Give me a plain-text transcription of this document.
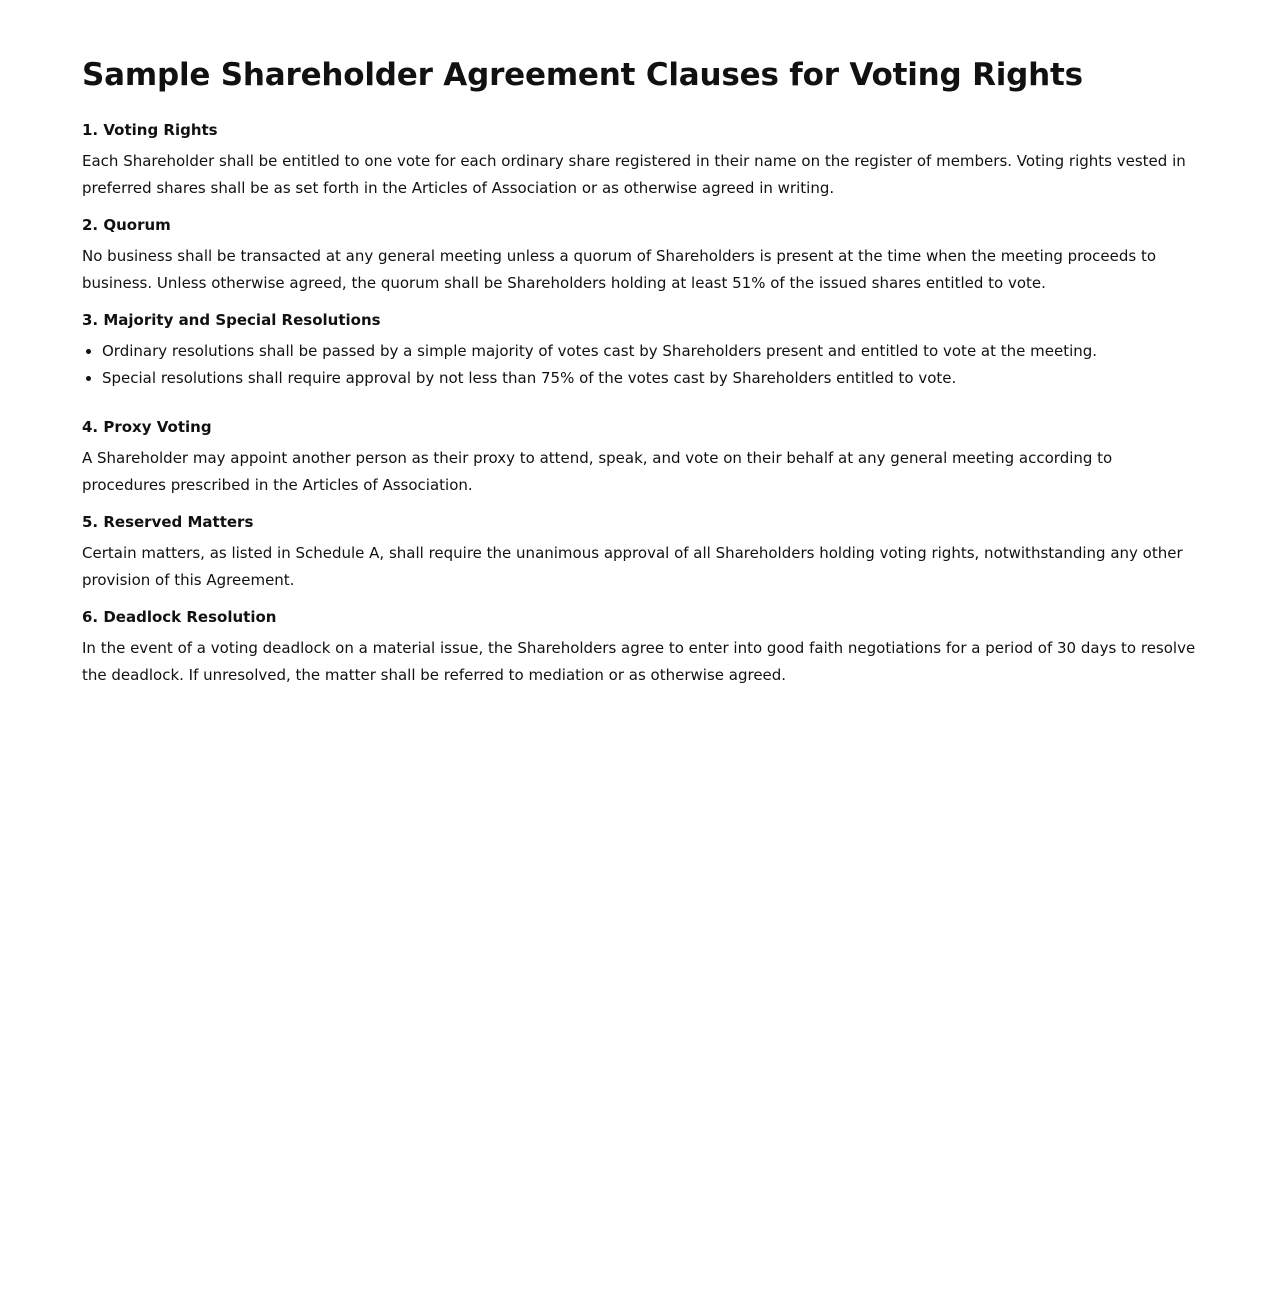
Sample Shareholder Agreement Clauses for Voting Rights
1. Voting Rights

Each Shareholder shall be entitled to one vote for each ordinary share registered in their name on the register of members. Voting rights vested in preferred shares shall be as set forth in the Articles of Association or as otherwise agreed in writing.

2. Quorum

No business shall be transacted at any general meeting unless a quorum of Shareholders is present at the time when the meeting proceeds to business. Unless otherwise agreed, the quorum shall be Shareholders holding at least 51% of the issued shares entitled to vote.

3. Majority and Special Resolutions
• Ordinary resolutions shall be passed by a simple majority of votes cast by Shareholders present and entitled to vote at the meeting.
• Special resolutions shall require approval by not less than 75% of the votes cast by Shareholders entitled to vote.
4. Proxy Voting

A Shareholder may appoint another person as their proxy to attend, speak, and vote on their behalf at any general meeting according to procedures prescribed in the Articles of Association.

5. Reserved Matters

Certain matters, as listed in Schedule A, shall require the unanimous approval of all Shareholders holding voting rights, notwithstanding any other provision of this Agreement.

6. Deadlock Resolution

In the event of a voting deadlock on a material issue, the Shareholders agree to enter into good faith negotiations for a period of 30 days to resolve the deadlock. If unresolved, the matter shall be referred to mediation or as otherwise agreed.
